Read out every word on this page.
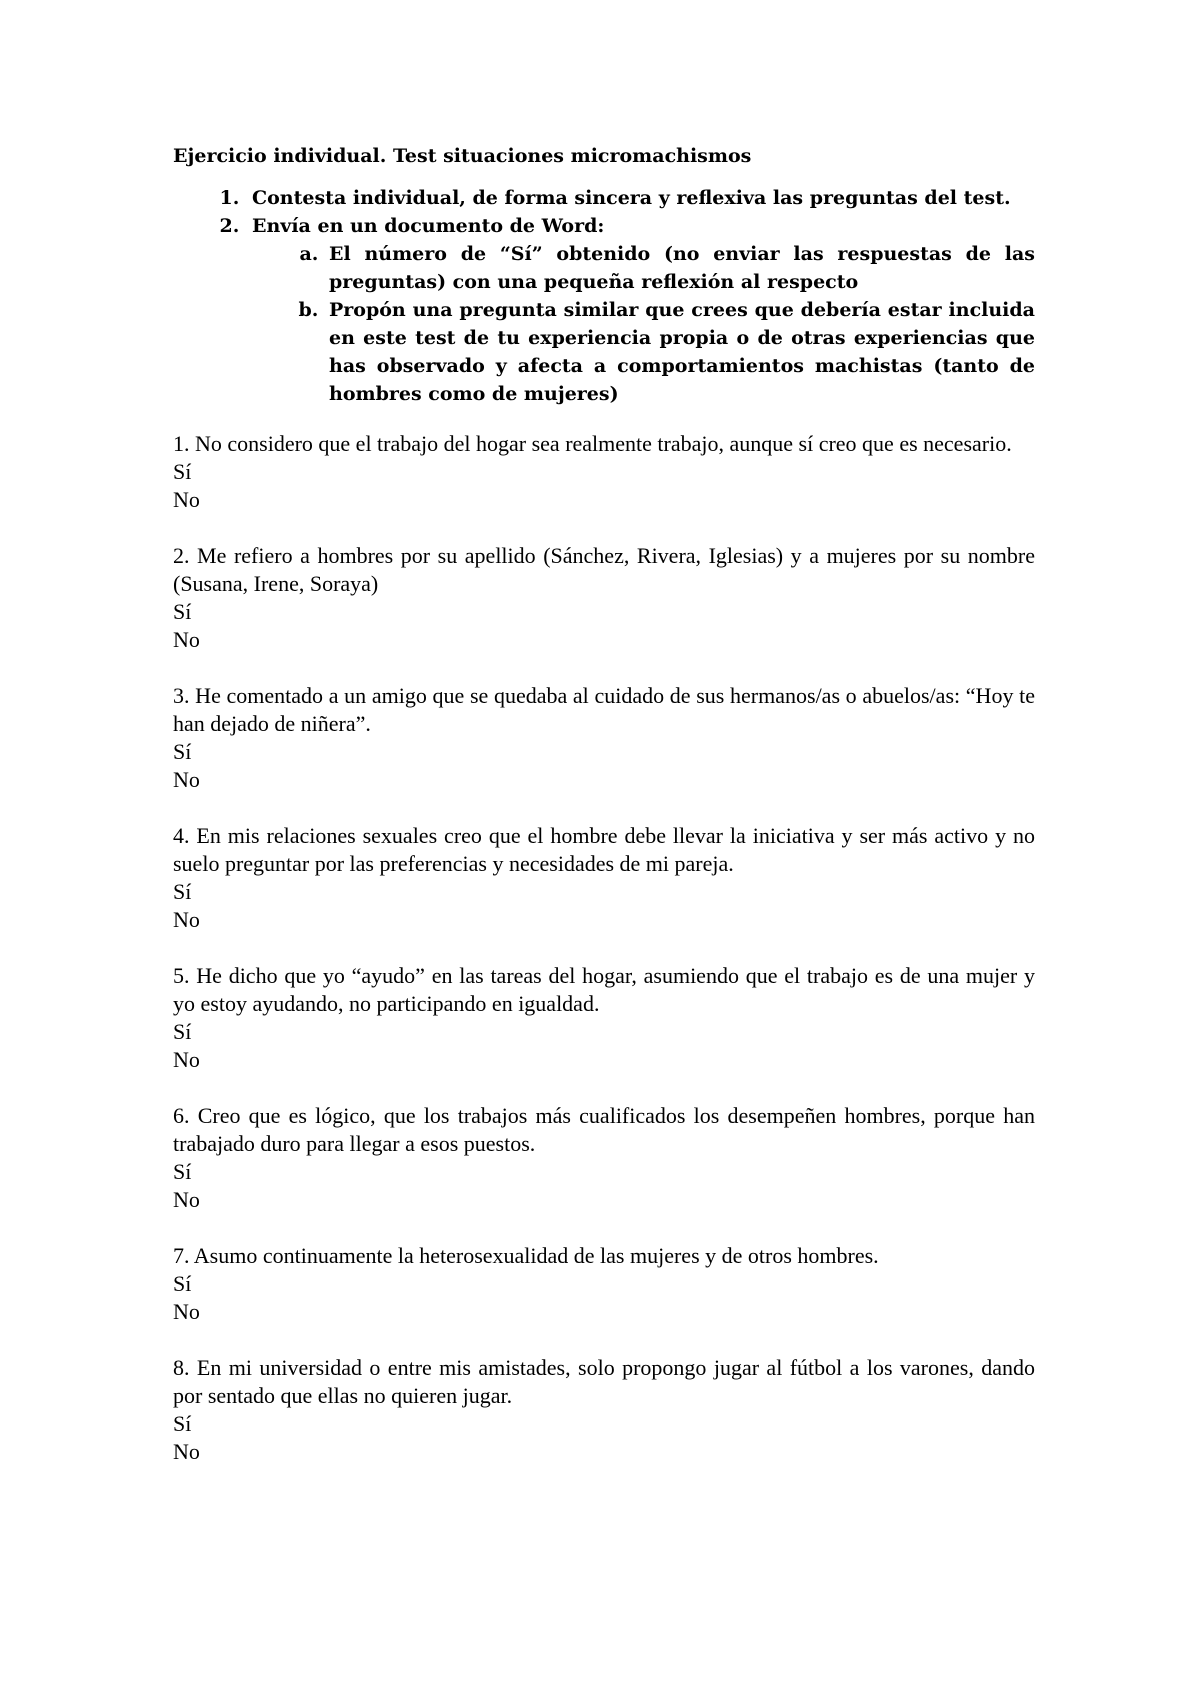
Ejercicio individual. Test situaciones micromachismos
1. Contesta individual, de forma sincera y reflexiva las preguntas del test.
2. Envía en un documento de Word:
a. El número de “Sí” obtenido (no enviar las respuestas de las preguntas) con una pequeña reflexión al respecto
b. Propón una pregunta similar que crees que debería estar incluida en este test de tu experiencia propia o de otras experiencias que has observado y afecta a comportamientos machistas (tanto de hombres como de mujeres)
1. No considero que el trabajo del hogar sea realmente trabajo, aunque sí creo que es necesario.
Sí
No
2. Me refiero a hombres por su apellido (Sánchez, Rivera, Iglesias) y a mujeres por su nombre (Susana, Irene, Soraya)
Sí
No
3. He comentado a un amigo que se quedaba al cuidado de sus hermanos/as o abuelos/as: “Hoy te han dejado de niñera”.
Sí
No
4. En mis relaciones sexuales creo que el hombre debe llevar la iniciativa y ser más activo y no suelo preguntar por las preferencias y necesidades de mi pareja.
Sí
No
5. He dicho que yo “ayudo” en las tareas del hogar, asumiendo que el trabajo es de una mujer y yo estoy ayudando, no participando en igualdad.
Sí
No
6. Creo que es lógico, que los trabajos más cualificados los desempeñen hombres, porque han trabajado duro para llegar a esos puestos.
Sí
No
7. Asumo continuamente la heterosexualidad de las mujeres y de otros hombres.
Sí
No
8. En mi universidad o entre mis amistades, solo propongo jugar al fútbol a los varones, dando por sentado que ellas no quieren jugar.
Sí
No
